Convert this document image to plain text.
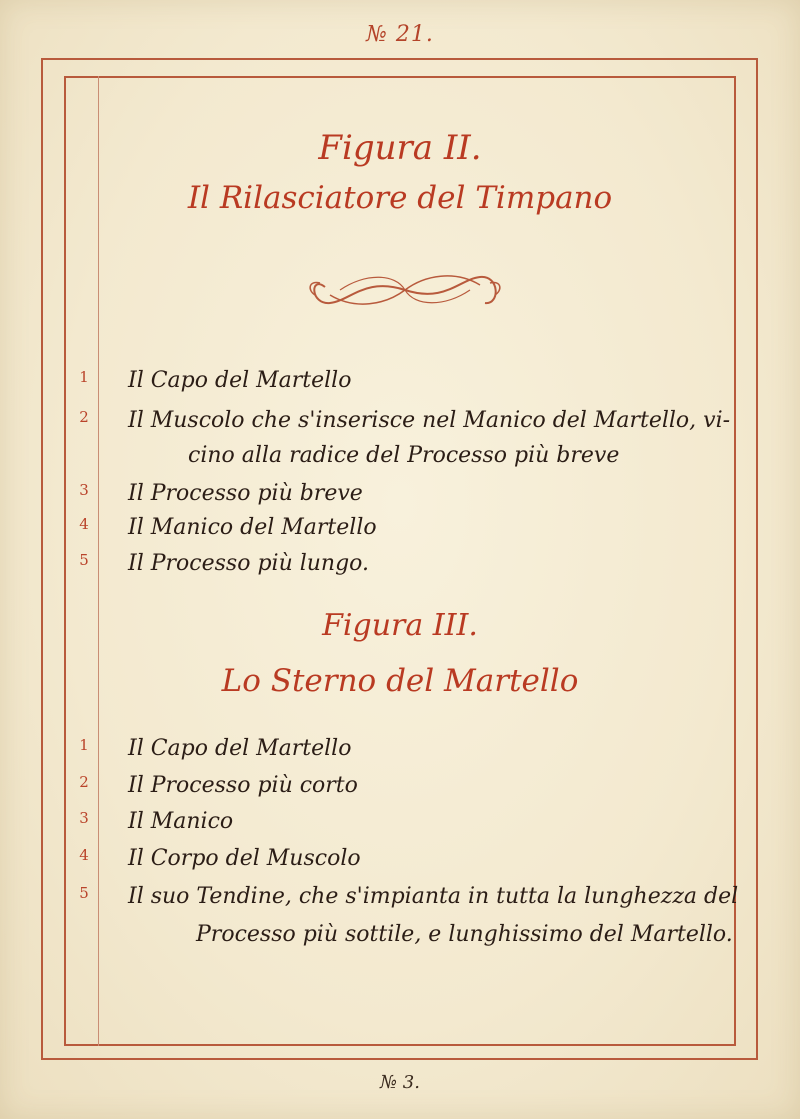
№ 21.
Figura II.
Il Rilasciatore del Timpano
1	Il Capo del Martello
2	Il Muscolo che s'inserisce nel Manico del Martello, vi-
cino alla radice del Processo più breve
3	Il Processo più breve
4	Il Manico del Martello
5	Il Processo più lungo.
Figura III.
Lo Sterno del Martello
1	Il Capo del Martello
2	Il Processo più corto
3	Il Manico
4	Il Corpo del Muscolo
5	Il suo Tendine, che s'impianta in tutta la lunghezza del
Processo più sottile, e lunghissimo del Martello.
№ 3.
